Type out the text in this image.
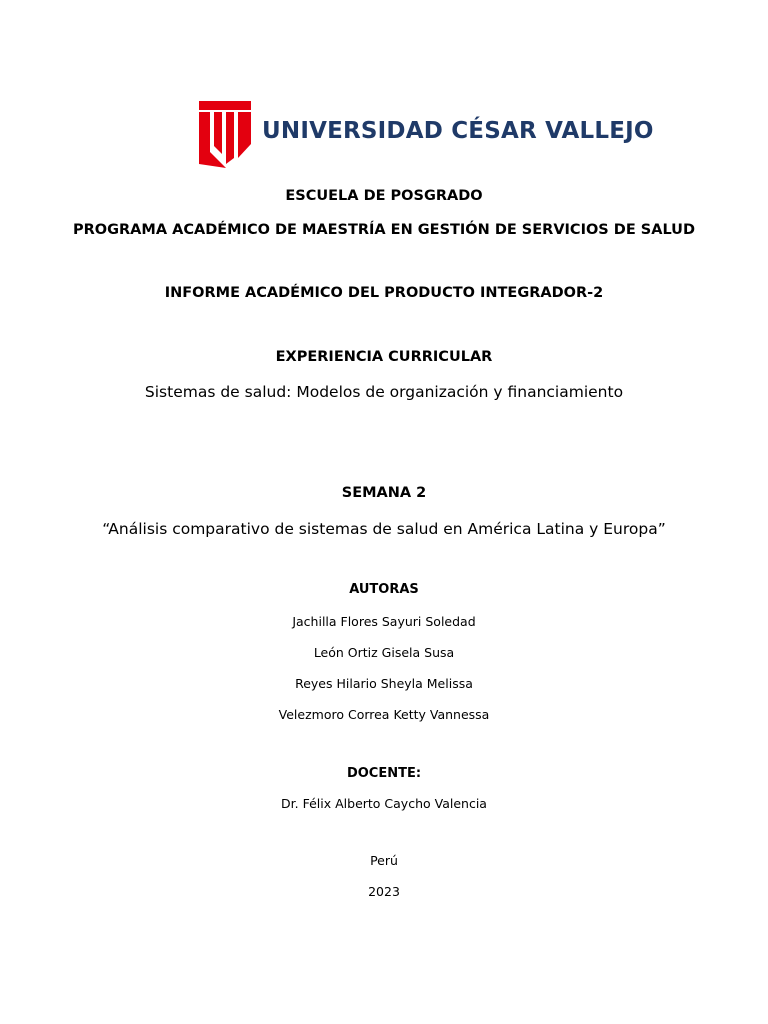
UNIVERSIDAD CÉSAR VALLEJO
ESCUELA DE POSGRADO
PROGRAMA ACADÉMICO DE MAESTRÍA EN GESTIÓN DE SERVICIOS DE SALUD
INFORME ACADÉMICO DEL PRODUCTO INTEGRADOR-2
EXPERIENCIA CURRICULAR
Sistemas de salud: Modelos de organización y financiamiento
SEMANA 2
“Análisis comparativo de sistemas de salud en América Latina y Europa”
AUTORAS
Jachilla Flores Sayuri Soledad
León Ortiz Gisela Susa
Reyes Hilario Sheyla Melissa
Velezmoro Correa Ketty Vannessa
DOCENTE:
Dr. Félix Alberto Caycho Valencia
Perú
2023
